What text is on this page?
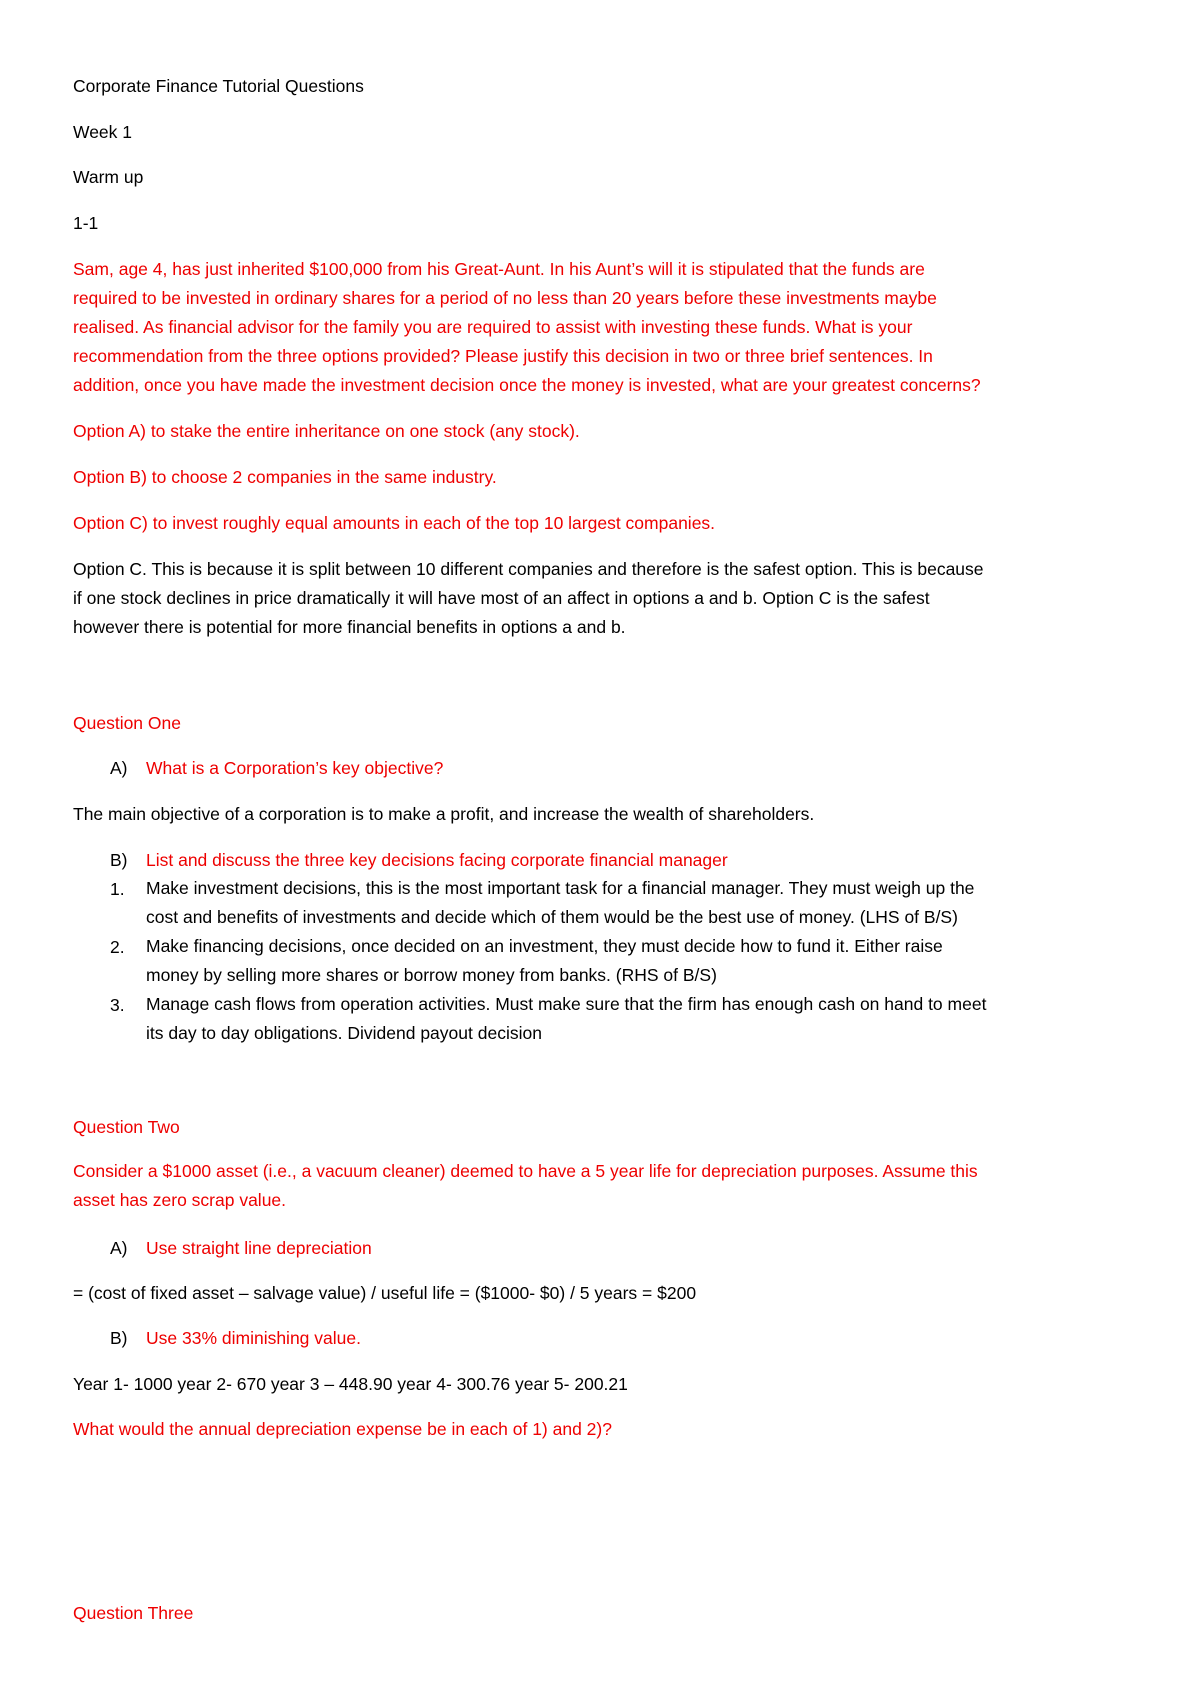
Corporate Finance Tutorial Questions
Week 1
Warm up
1-1
Sam, age 4, has just inherited $100,000 from his Great-Aunt. In his Aunt’s will it is stipulated that the funds are
required to be invested in ordinary shares for a period of no less than 20 years before these investments maybe
realised. As financial advisor for the family you are required to assist with investing these funds. What is your
recommendation from the three options provided? Please justify this decision in two or three brief sentences. In
addition, once you have made the investment decision once the money is invested, what are your greatest concerns?
Option A) to stake the entire inheritance on one stock (any stock).
Option B) to choose 2 companies in the same industry.
Option C) to invest roughly equal amounts in each of the top 10 largest companies.
Option C. This is because it is split between 10 different companies and therefore is the safest option. This is because
if one stock declines in price dramatically it will have most of an affect in options a and b. Option C is the safest
however there is potential for more financial benefits in options a and b.
Question One
A) What is a Corporation’s key objective?
The main objective of a corporation is to make a profit, and increase the wealth of shareholders.
B) List and discuss the three key decisions facing corporate financial manager
1. Make investment decisions, this is the most important task for a financial manager. They must weigh up the
cost and benefits of investments and decide which of them would be the best use of money. (LHS of B/S)
2. Make financing decisions, once decided on an investment, they must decide how to fund it. Either raise
money by selling more shares or borrow money from banks. (RHS of B/S)
3. Manage cash flows from operation activities. Must make sure that the firm has enough cash on hand to meet
its day to day obligations. Dividend payout decision
Question Two
Consider a $1000 asset (i.e., a vacuum cleaner) deemed to have a 5 year life for depreciation purposes. Assume this
asset has zero scrap value.
A) Use straight line depreciation
= (cost of fixed asset – salvage value) / useful life = ($1000- $0) / 5 years = $200
B) Use 33% diminishing value.
Year 1- 1000 year 2- 670 year 3 – 448.90 year 4- 300.76 year 5- 200.21
What would the annual depreciation expense be in each of 1) and 2)?
Question Three
